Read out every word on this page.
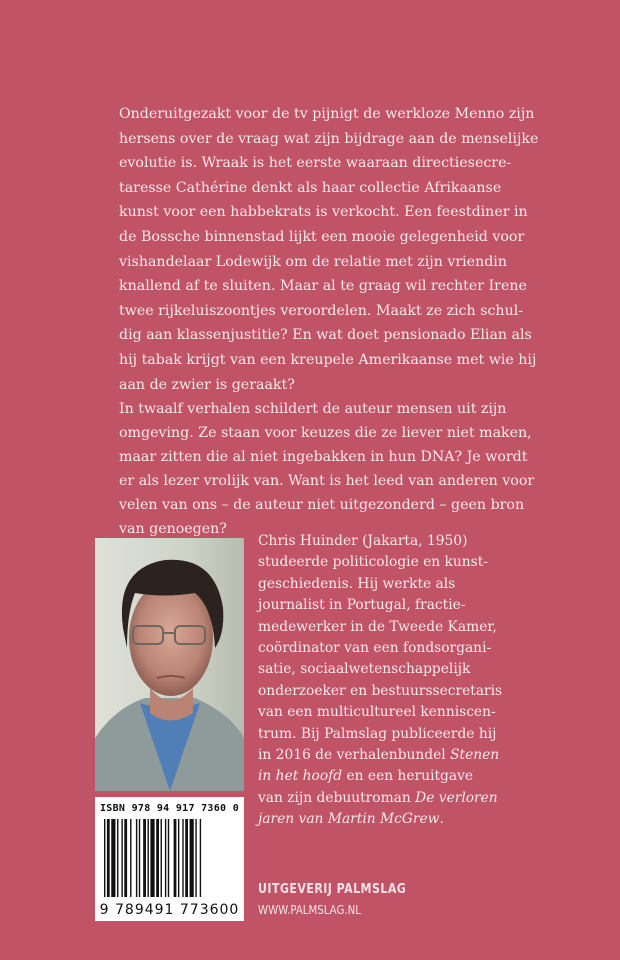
Onderuitgezakt voor de tv pijnigt de werkloze Menno zijn
hersens over de vraag wat zijn bijdrage aan de menselijke
evolutie is. Wraak is het eerste waaraan directiesecre-
taresse Cathérine denkt als haar collectie Afrikaanse
kunst voor een habbekrats is verkocht. Een feestdiner in
de Bossche binnenstad lijkt een mooie gelegenheid voor
vishandelaar Lodewijk om de relatie met zijn vriendin
knallend af te sluiten. Maar al te graag wil rechter Irene
twee rijkeluiszoontjes veroordelen. Maakt ze zich schul-
dig aan klassenjustitie? En wat doet pensionado Elian als
hij tabak krijgt van een kreupele Amerikaanse met wie hij
aan de zwier is geraakt?
In twaalf verhalen schildert de auteur mensen uit zijn
omgeving. Ze staan voor keuzes die ze liever niet maken,
maar zitten die al niet ingebakken in hun DNA? Je wordt
er als lezer vrolijk van. Want is het leed van anderen voor
velen van ons – de auteur niet uitgezonderd – geen bron
van genoegen?
ISBN 978 94 917 7360 0
9 789491 773600
Chris Huinder (Jakarta, 1950)
studeerde politicologie en kunst-
geschiedenis. Hij werkte als
journalist in Portugal, fractie-
medewerker in de Tweede Kamer,
coördinator van een fondsorgani-
satie, sociaalwetenschappelijk
onderzoeker en bestuurssecretaris
van een multicultureel kenniscen-
trum. Bij Palmslag publiceerde hij
in 2016 de verhalenbundel Stenen
in het hoofd en een heruitgave
van zijn debuutroman De verloren
jaren van Martin McGrew.
UITGEVERIJ PALMSLAG
WWW.PALMSLAG.NL
